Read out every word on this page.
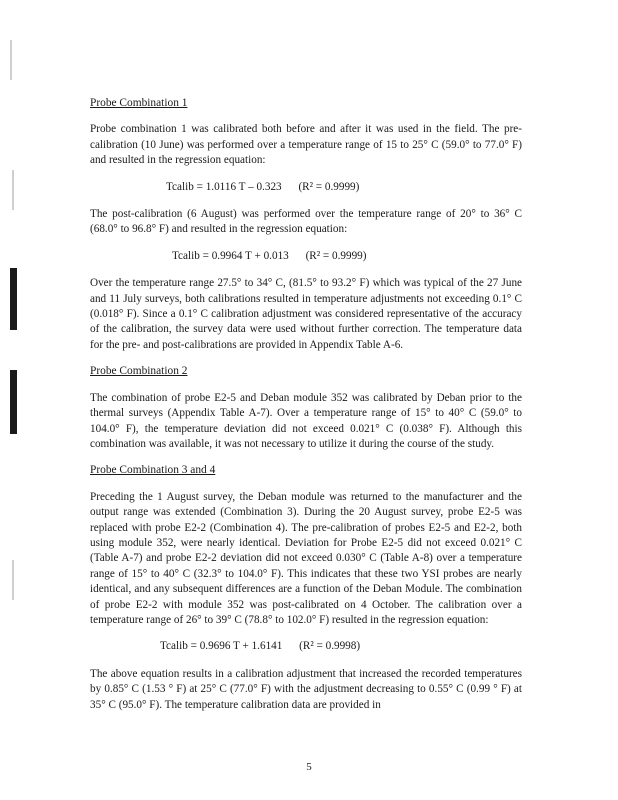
Probe Combination 1

Probe combination 1 was calibrated both before and after it was used in the field. The pre-calibration (10 June) was performed over a temperature range of 15 to 25° C (59.0° to 77.0° F) and resulted in the regression equation:

Tcalib = 1.0116 T – 0.323 (R² = 0.9999)

The post-calibration (6 August) was performed over the temperature range of 20° to 36° C (68.0° to 96.8° F) and resulted in the regression equation:

Tcalib = 0.9964 T + 0.013 (R² = 0.9999)

Over the temperature range 27.5° to 34° C, (81.5° to 93.2° F) which was typical of the 27 June and 11 July surveys, both calibrations resulted in temperature adjustments not exceeding 0.1° C (0.018° F). Since a 0.1° C calibration adjustment was considered representative of the accuracy of the calibration, the survey data were used without further correction. The temperature data for the pre- and post-calibrations are provided in Appendix Table A-6.

Probe Combination 2

The combination of probe E2-5 and Deban module 352 was calibrated by Deban prior to the thermal surveys (Appendix Table A-7). Over a temperature range of 15° to 40° C (59.0° to 104.0° F), the temperature deviation did not exceed 0.021° C (0.038° F). Although this combination was available, it was not necessary to utilize it during the course of the study.

Probe Combination 3 and 4

Preceding the 1 August survey, the Deban module was returned to the manufacturer and the output range was extended (Combination 3). During the 20 August survey, probe E2-5 was replaced with probe E2-2 (Combination 4). The pre-calibration of probes E2-5 and E2-2, both using module 352, were nearly identical. Deviation for Probe E2-5 did not exceed 0.021° C (Table A-7) and probe E2-2 deviation did not exceed 0.030° C (Table A-8) over a temperature range of 15° to 40° C (32.3° to 104.0° F). This indicates that these two YSI probes are nearly identical, and any subsequent differences are a function of the Deban Module. The combination of probe E2-2 with module 352 was post-calibrated on 4 October. The calibration over a temperature range of 26° to 39° C (78.8° to 102.0° F) resulted in the regression equation:

Tcalib = 0.9696 T + 1.6141 (R² = 0.9998)

The above equation results in a calibration adjustment that increased the recorded temperatures by 0.85° C (1.53 ° F) at 25° C (77.0° F) with the adjustment decreasing to 0.55° C (0.99 ° F) at 35° C (95.0° F). The temperature calibration data are provided in

5
